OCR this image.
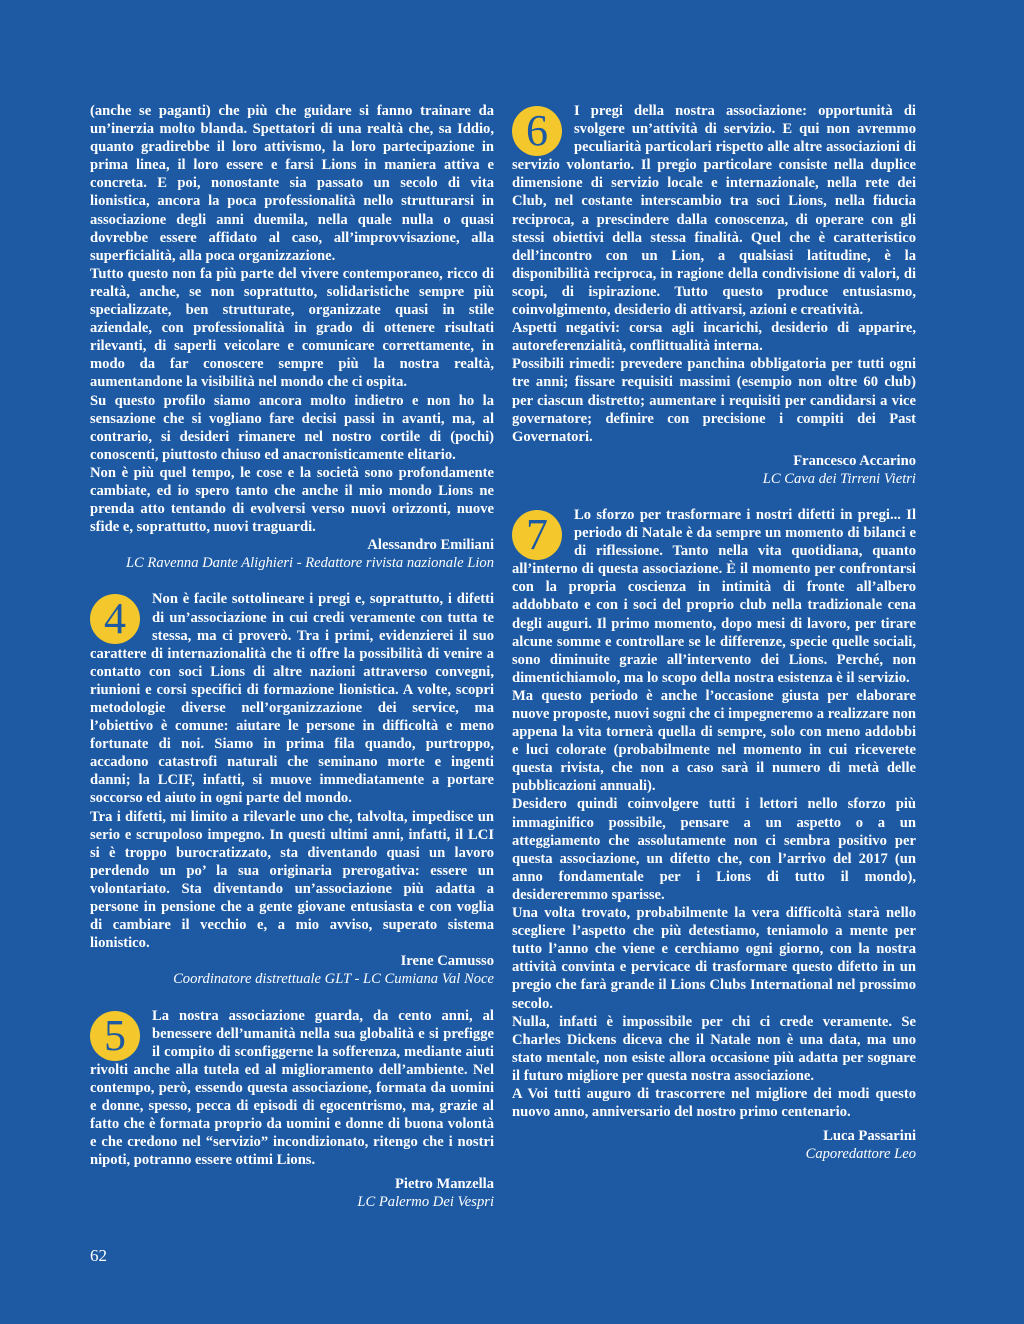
(anche se paganti) che più che guidare si fanno trainare da un’inerzia molto blanda. Spettatori di una realtà che, sa Iddio, quanto gradirebbe il loro attivismo, la loro partecipazione in prima linea, il loro essere e farsi Lions in maniera attiva e concreta. E poi, nonostante sia passato un secolo di vita lionistica, ancora la poca professionalità nello strutturarsi in associazione degli anni duemila, nella quale nulla o quasi dovrebbe essere affidato al caso, all’improvvisazione, alla superficialità, alla poca organizzazione.

Tutto questo non fa più parte del vivere contemporaneo, ricco di realtà, anche, se non soprattutto, solidaristiche sempre più specializzate, ben strutturate, organizzate quasi in stile aziendale, con professionalità in grado di ottenere risultati rilevanti, di saperli veicolare e comunicare correttamente, in modo da far conoscere sempre più la nostra realtà, aumentandone la visibilità nel mondo che ci ospita.

Su questo profilo siamo ancora molto indietro e non ho la sensazione che si vogliano fare decisi passi in avanti, ma, al contrario, si desideri rimanere nel nostro cortile di (pochi) conoscenti, piuttosto chiuso ed anacronisticamente elitario.

Non è più quel tempo, le cose e la società sono profondamente cambiate, ed io spero tanto che anche il mio mondo Lions ne prenda atto tentando di evolversi verso nuovi orizzonti, nuove sfide e, soprattutto, nuovi traguardi.

Alessandro Emiliani

LC Ravenna Dante Alighieri - Redattore rivista nazionale Lion

4	Non è facile sottolineare i pregi e, soprattutto, i difetti di un’associazione in cui credi veramente con tutta te stessa, ma ci proverò. Tra i primi, evidenzierei il suo carattere di internazionalità che ti offre la possibilità di venire a contatto con soci Lions di altre nazioni attraverso convegni, riunioni e corsi specifici di formazione lionistica. A volte, scopri metodologie diverse nell’organizzazione dei service, ma l’obiettivo è comune: aiutare le persone in difficoltà e meno fortunate di noi. Siamo in prima fila quando, purtroppo, accadono catastrofi naturali che seminano morte e ingenti danni; la LCIF, infatti, si muove immediatamente a portare soccorso ed aiuto in ogni parte del mondo.

Tra i difetti, mi limito a rilevarle uno che, talvolta, impedisce un serio e scrupoloso impegno. In questi ultimi anni, infatti, il LCI si è troppo burocratizzato, sta diventando quasi un lavoro perdendo un po’ la sua originaria prerogativa: essere un volontariato. Sta diventando un’associazione più adatta a persone in pensione che a gente giovane entusiasta e con voglia di cambiare il vecchio e, a mio avviso, superato sistema lionistico.

Irene Camusso

Coordinatore distrettuale GLT - LC Cumiana Val Noce

5	La nostra associazione guarda, da cento anni, al benessere dell’umanità nella sua globalità e si prefigge il compito di sconfiggerne la sofferenza, mediante aiuti rivolti anche alla tutela ed al miglioramento dell’ambiente. Nel contempo, però, essendo questa associazione, formata da uomini e donne, spesso, pecca di episodi di egocentrismo, ma, grazie al fatto che è formata proprio da uomini e donne di buona volontà e che credono nel “servizio” incondizionato, ritengo che i nostri nipoti, potranno essere ottimi Lions.

Pietro Manzella

LC Palermo Dei Vespri

6	I pregi della nostra associazione: opportunità di svolgere un’attività di servizio. E qui non avremmo peculiarità particolari rispetto alle altre associazioni di servizio volontario. Il pregio particolare consiste nella duplice dimensione di servizio locale e internazionale, nella rete dei Club, nel costante interscambio tra soci Lions, nella fiducia reciproca, a prescindere dalla conoscenza, di operare con gli stessi obiettivi della stessa finalità. Quel che è caratteristico dell’incontro con un Lion, a qualsiasi latitudine, è la disponibilità reciproca, in ragione della condivisione di valori, di scopi, di ispirazione. Tutto questo produce entusiasmo, coinvolgimento, desiderio di attivarsi, azioni e creatività.

Aspetti negativi: corsa agli incarichi, desiderio di apparire, autoreferenzialità, conflittualità interna.

Possibili rimedi: prevedere panchina obbligatoria per tutti ogni tre anni; fissare requisiti massimi (esempio non oltre 60 club) per ciascun distretto; aumentare i requisiti per candidarsi a vice governatore; definire con precisione i compiti dei Past Governatori.

Francesco Accarino

LC Cava dei Tirreni Vietri

7	Lo sforzo per trasformare i nostri difetti in pregi... Il periodo di Natale è da sempre un momento di bilanci e di riflessione. Tanto nella vita quotidiana, quanto all’interno di questa associazione. È il momento per confrontarsi con la propria coscienza in intimità di fronte all’albero addobbato e con i soci del proprio club nella tradizionale cena degli auguri. Il primo momento, dopo mesi di lavoro, per tirare alcune somme e controllare se le differenze, specie quelle sociali, sono diminuite grazie all’intervento dei Lions. Perché, non dimentichiamolo, ma lo scopo della nostra esistenza è il servizio.

Ma questo periodo è anche l’occasione giusta per elaborare nuove proposte, nuovi sogni che ci impegneremo a realizzare non appena la vita tornerà quella di sempre, solo con meno addobbi e luci colorate (probabilmente nel momento in cui riceverete questa rivista, che non a caso sarà il numero di metà delle pubblicazioni annuali).

Desidero quindi coinvolgere tutti i lettori nello sforzo più immaginifico possibile, pensare a un aspetto o a un atteggiamento che assolutamente non ci sembra positivo per questa associazione, un difetto che, con l’arrivo del 2017 (un anno fondamentale per i Lions di tutto il mondo), desidereremmo sparisse.

Una volta trovato, probabilmente la vera difficoltà starà nello scegliere l’aspetto che più detestiamo, teniamolo a mente per tutto l’anno che viene e cerchiamo ogni giorno, con la nostra attività convinta e pervicace di trasformare questo difetto in un pregio che farà grande il Lions Clubs International nel prossimo secolo.

Nulla, infatti è impossibile per chi ci crede veramente. Se Charles Dickens diceva che il Natale non è una data, ma uno stato mentale, non esiste allora occasione più adatta per sognare il futuro migliore per questa nostra associazione.

A Voi tutti auguro di trascorrere nel migliore dei modi questo nuovo anno, anniversario del nostro primo centenario.

Luca Passarini

Caporedattore Leo

62
